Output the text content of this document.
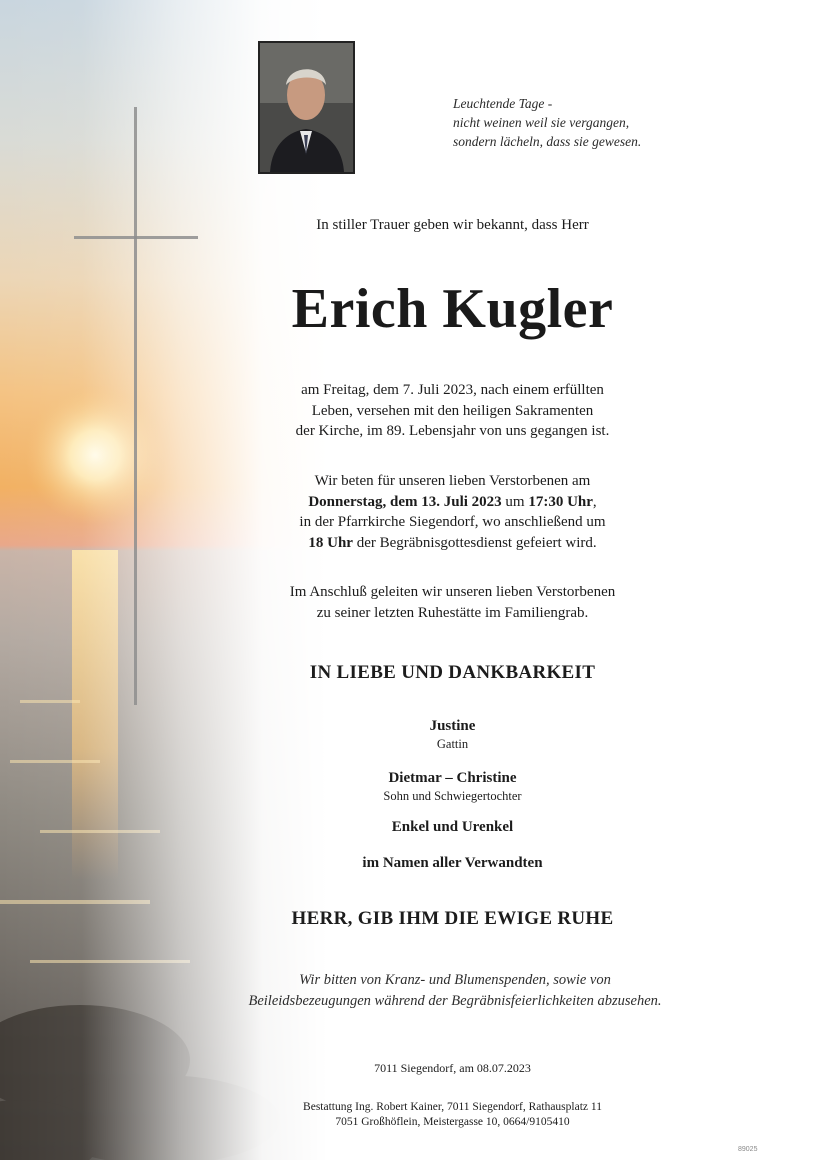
Leuchtende Tage -
nicht weinen weil sie vergangen,
sondern lächeln, dass sie gewesen.
In stiller Trauer geben wir bekannt, dass Herr
Erich Kugler
am Freitag, dem 7. Juli 2023, nach einem erfüllten
Leben, versehen mit den heiligen Sakramenten
der Kirche, im 89. Lebensjahr von uns gegangen ist.
Wir beten für unseren lieben Verstorbenen am
Donnerstag, dem 13. Juli 2023 um 17:30 Uhr,
in der Pfarrkirche Siegendorf, wo anschließend um
18 Uhr der Begräbnisgottesdienst gefeiert wird.
Im Anschluß geleiten wir unseren lieben Verstorbenen
zu seiner letzten Ruhestätte im Familiengrab.
IN LIEBE UND DANKBARKEIT
Justine
Gattin
Dietmar – Christine
Sohn und Schwiegertochter
Enkel und Urenkel
im Namen aller Verwandten
HERR, GIB IHM DIE EWIGE RUHE
Wir bitten von Kranz- und Blumenspenden, sowie von
Beileidsbezeugungen während der Begräbnisfeierlichkeiten abzusehen.
7011 Siegendorf, am 08.07.2023
Bestattung Ing. Robert Kainer, 7011 Siegendorf, Rathausplatz 11
7051 Großhöflein, Meistergasse 10, 0664/9105410
89025
